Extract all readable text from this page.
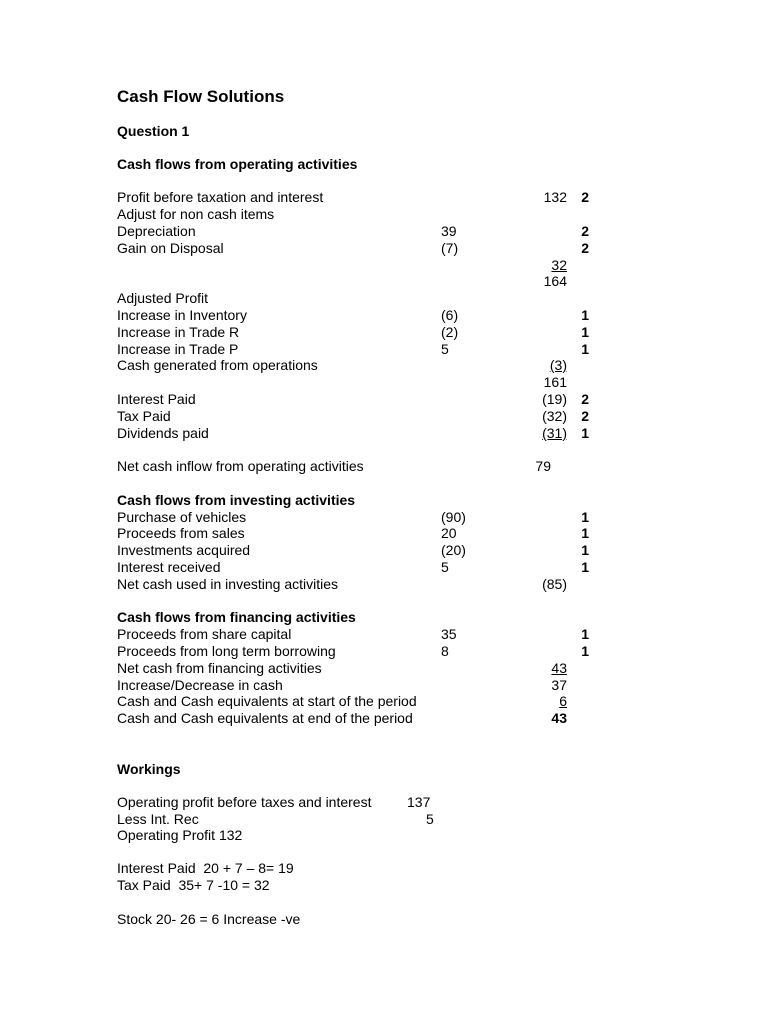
Cash Flow Solutions
Question 1
Cash flows from operating activities
Profit before taxation and interest	132	2
Adjust for non cash items
Depreciation	39	2
Gain on Disposal	(7)	2
32
164
Adjusted Profit
Increase in Inventory	(6)	1
Increase in Trade R	(2)	1
Increase in Trade P	5	1
Cash generated from operations	(3)
161
Interest Paid	(19)	2
Tax Paid	(32)	2
Dividends paid	(31)	1
Net cash inflow from operating activities	79
Cash flows from investing activities
Purchase of vehicles	(90)	1
Proceeds from sales	20	1
Investments acquired	(20)	1
Interest received	5	1
Net cash used in investing activities	(85)
Cash flows from financing activities
Proceeds from share capital	35	1
Proceeds from long term borrowing	8	1
Net cash from financing activities	43
Increase/Decrease in cash	37
Cash and Cash equivalents at start of the period	6
Cash and Cash equivalents at end of the period	43
Workings
Operating profit before taxes and interest	137
Less Int. Rec	5
Operating Profit 132
Interest Paid  20 + 7 – 8= 19
Tax Paid  35+ 7 -10 = 32
Stock 20- 26 = 6 Increase -ve
